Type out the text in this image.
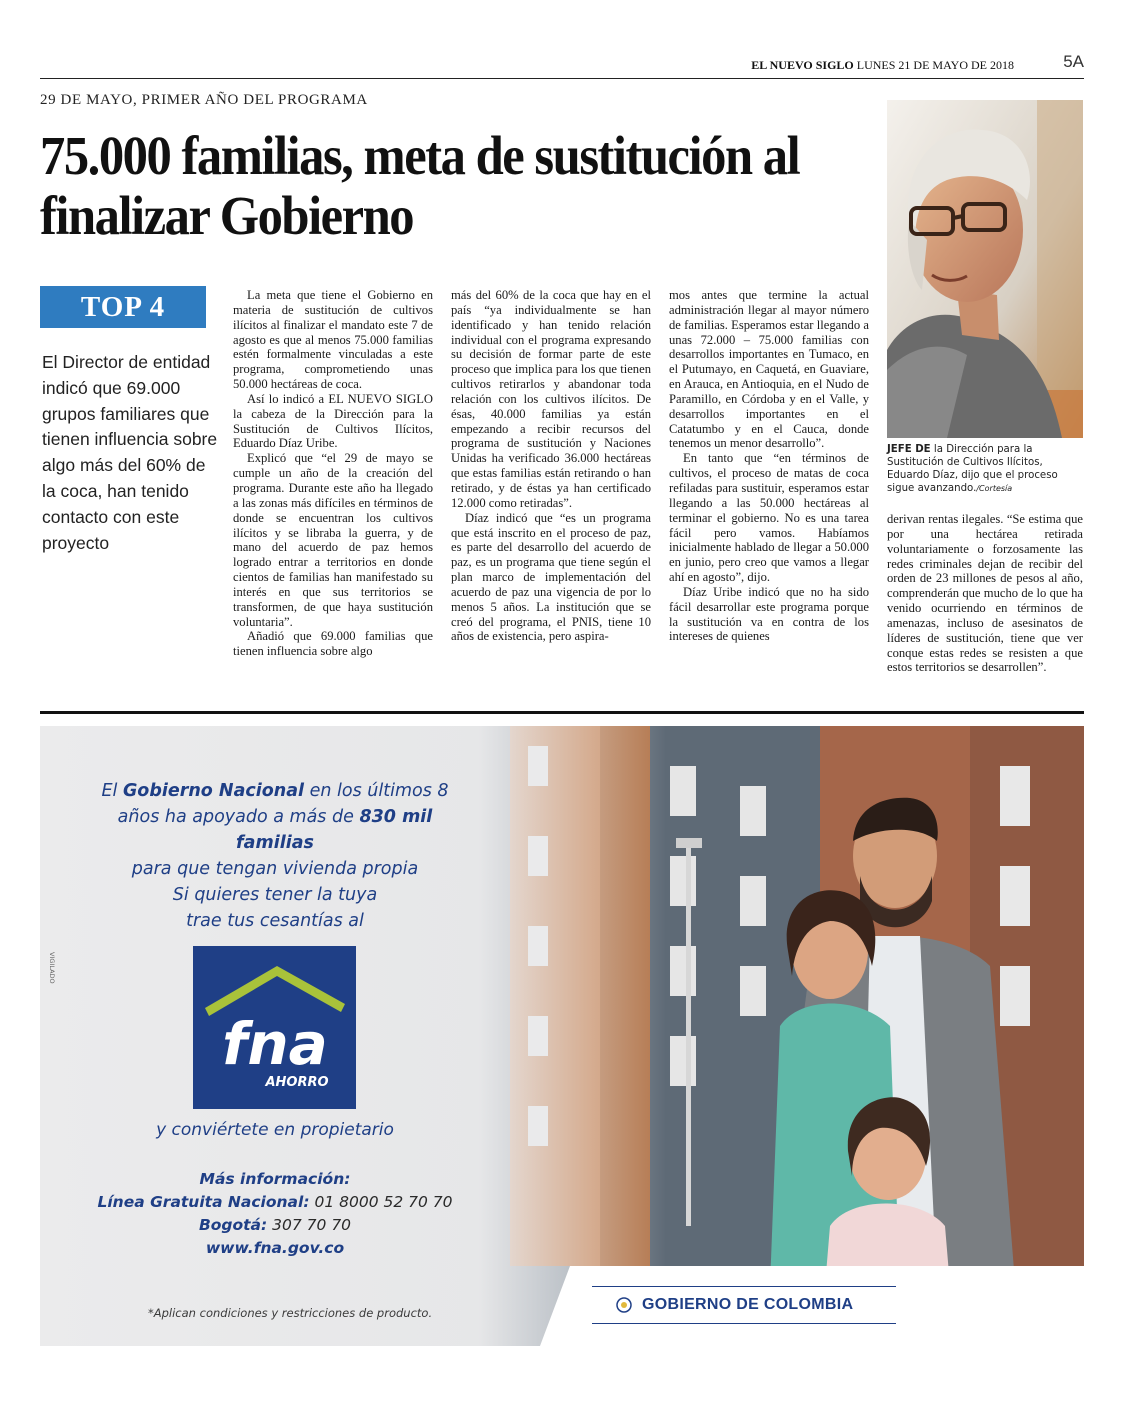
EL NUEVO SIGLO LUNES 21 DE MAYO DE 2018	5A
29 DE MAYO, PRIMER AÑO DEL PROGRAMA
75.000 familias, meta de sustitución al finalizar Gobierno
TOP 4

El Director de entidad indicó que 69.000 grupos familiares que tienen influencia sobre algo más del 60% de la coca, han tenido contacto con este proyecto

La meta que tiene el Gobierno en materia de sustitución de cultivos ilícitos al finalizar el mandato este 7 de agosto es que al menos 75.000 familias estén formalmente vinculadas a este programa, comprometiendo unas 50.000 hectáreas de coca.

Así lo indicó a EL NUEVO SIGLO la cabeza de la Dirección para la Sustitución de Cultivos Ilícitos, Eduardo Díaz Uribe.

Explicó que “el 29 de mayo se cumple un año de la creación del programa. Durante este año ha llegado a las zonas más difíciles en términos de donde se encuentran los cultivos ilícitos y se libraba la guerra, y de mano del acuerdo de paz hemos logrado entrar a territorios en donde cientos de familias han manifestado su interés en que sus territorios se transformen, de que haya sustitución voluntaria”.

Añadió que 69.000 familias que tienen influencia sobre algo

más del 60% de la coca que hay en el país “ya individualmente se han identificado y han tenido relación individual con el programa expresando su decisión de formar parte de este proceso que implica para los que tienen cultivos retirarlos y abandonar toda relación con los cultivos ilícitos. De ésas, 40.000 familias ya están empezando a recibir recursos del programa de sustitución y Naciones Unidas ha verificado 36.000 hectáreas que estas familias están retirando o han retirado, y de éstas ya han certificado 12.000 como retiradas”.

Díaz indicó que “es un programa que está inscrito en el proceso de paz, es parte del desarrollo del acuerdo de paz, es un programa que tiene según el plan marco de implementación del acuerdo de paz una vigencia de por lo menos 5 años. La institución que se creó del programa, el PNIS, tiene 10 años de existencia, pero aspira-

mos antes que termine la actual administración llegar al mayor número de familias. Esperamos estar llegando a unas 72.000 – 75.000 familias con desarrollos importantes en Tumaco, en el Putumayo, en Caquetá, en Guaviare, en Arauca, en Antioquia, en el Nudo de Paramillo, en Córdoba y en el Valle, y desarrollos importantes en el Catatumbo y en el Cauca, donde tenemos un menor desarrollo”.

En tanto que “en términos de cultivos, el proceso de matas de coca refiladas para sustituir, esperamos estar llegando a las 50.000 hectáreas al terminar el gobierno. No es una tarea fácil pero vamos. Habíamos inicialmente hablado de llegar a 50.000 en junio, pero creo que vamos a llegar ahí en agosto”, dijo.

Díaz Uribe indicó que no ha sido fácil desarrollar este programa porque la sustitución va en contra de los intereses de quienes

derivan rentas ilegales. “Se estima que por una hectárea retirada voluntariamente o forzosamente las redes criminales dejan de recibir del orden de 23 millones de pesos al año, comprenderán que mucho de lo que ha venido ocurriendo en términos de amenazas, incluso de asesinatos de líderes de sustitución, tiene que ver conque estas redes se resisten a que estos territorios se desarrollen”.

JEFE DE la Dirección para la Sustitución de Cultivos Ilícitos, Eduardo Díaz, dijo que el proceso sigue avanzando./Cortesía

El Gobierno Nacional en los últimos 8 años ha apoyado a más de 830 mil familias
para que tengan vivienda propia
Si quieres tener la tuya
trae tus cesantías al
fna
AHORRO
y conviértete en propietario
Más información:
Línea Gratuita Nacional: 01 8000 52 70 70
Bogotá: 307 70 70
www.fna.gov.co
*Aplican condiciones y restricciones de producto.
VIGILADO
GOBIERNO DE COLOMBIA
